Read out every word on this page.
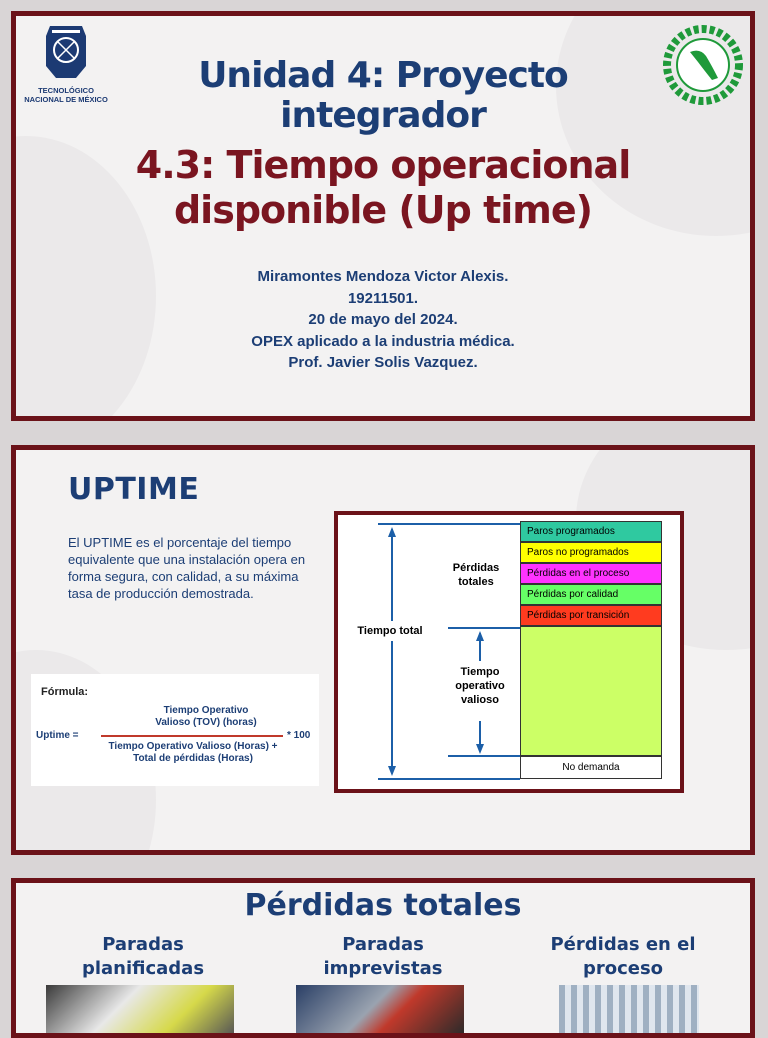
TECNOLÓGICO
NACIONAL DE MÉXICO
Unidad 4: Proyecto
integrador
4.3: Tiempo operacional
disponible (Up time)
Miramontes Mendoza Victor Alexis.
19211501.
20 de mayo del 2024.
OPEX aplicado a la industria médica.
Prof. Javier Solis Vazquez.
UPTIME
El UPTIME es el porcentaje del tiempo equivalente que una instalación opera en forma segura, con calidad, a su máxima tasa de producción demostrada.
Fórmula:
Uptime =
Tiempo Operativo
Valioso (TOV) (horas)
Tiempo Operativo Valioso (Horas) +
Total de pérdidas (Horas)
* 100
Tiempo total
Pérdidas
totales
Tiempo
operativo
valioso
Paros programados
Paros no programados
Pérdidas en el proceso
Pérdidas por calidad
Pérdidas por transición
No demanda
Pérdidas totales
Paradas
planificadas
Paradas
imprevistas
Pérdidas en el
proceso
